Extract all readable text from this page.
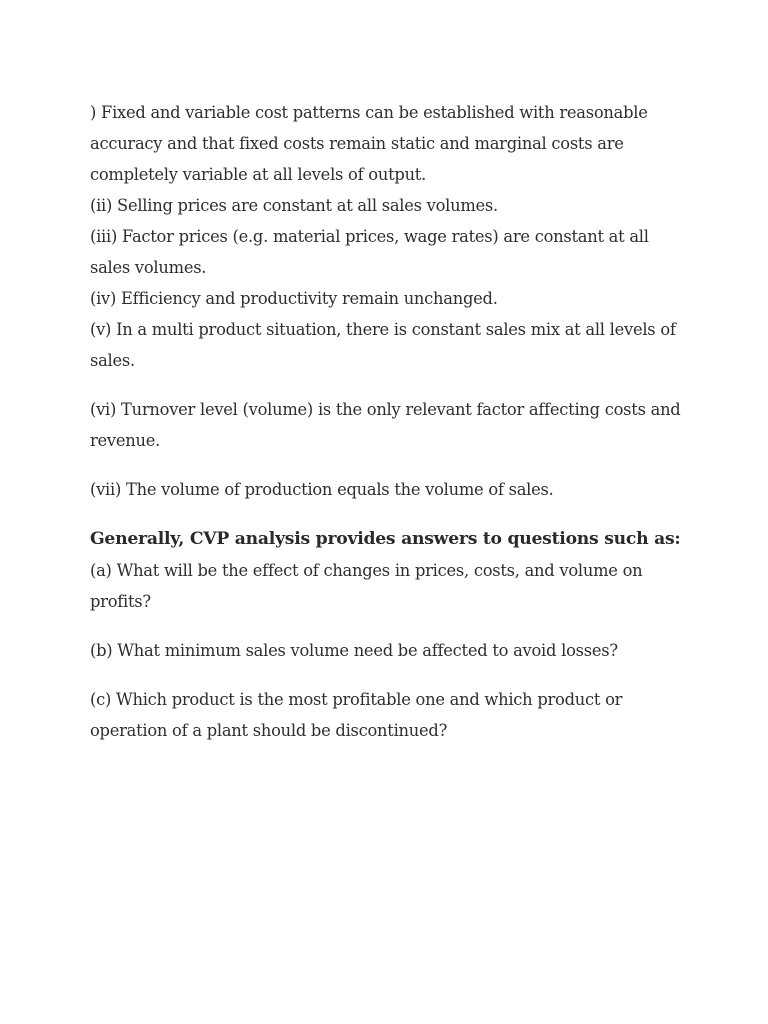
) Fixed and variable cost patterns can be established with reasonable accuracy and that fixed costs remain static and marginal costs are completely variable at all levels of output.

(ii) Selling prices are constant at all sales volumes.

(iii) Factor prices (e.g. material prices, wage rates) are constant at all sales volumes.

(iv) Efficiency and productivity remain unchanged.

(v) In a multi product situation, there is constant sales mix at all levels of sales.

(vi) Turnover level (volume) is the only relevant factor affecting costs and revenue.

(vii) The volume of production equals the volume of sales.

Generally, CVP analysis provides answers to questions such as:

(a) What will be the effect of changes in prices, costs, and volume on profits?

(b) What minimum sales volume need be affected to avoid losses?

(c) Which product is the most profitable one and which product or operation of a plant should be discontinued?
